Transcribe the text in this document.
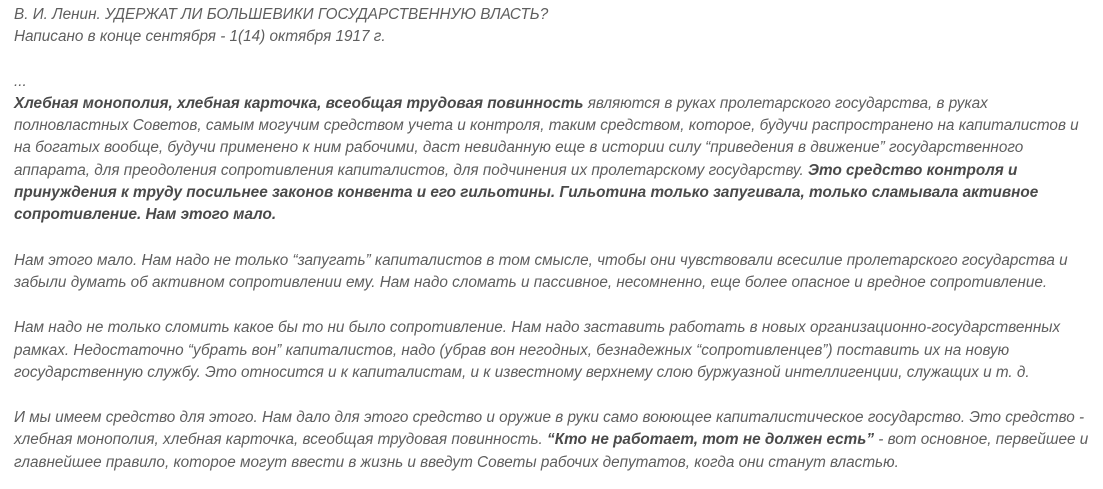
В. И. Ленин. УДЕРЖАТ ЛИ БОЛЬШЕВИКИ ГОСУДАРСТВЕННУЮ ВЛАСТЬ?

Написано в конце сентября - 1(14) октября 1917 г.

...

Хлебная монополия, хлебная карточка, всеобщая трудовая повинность являются в руках пролетарского государства, в руках полновластных Советов, самым могучим средством учета и контроля, таким средством, которое, будучи распространено на капиталистов и на богатых вообще, будучи применено к ним рабочими, даст невиданную еще в истории силу “приведения в движение” государственного аппарата, для преодоления сопротивления капиталистов, для подчинения их пролетарскому государству. Это средство контроля и принуждения к труду посильнее законов конвента и его гильотины. Гильотина только запугивала, только сламывала активное сопротивление. Нам этого мало.

Нам этого мало. Нам надо не только “запугать” капиталистов в том смысле, чтобы они чувствовали всесилие пролетарского государства и забыли думать об активном сопротивлении ему. Нам надо сломать и пассивное, несомненно, еще более опасное и вредное сопротивление.

Нам надо не только сломить какое бы то ни было сопротивление. Нам надо заставить работать в новых организационно-государственных рамках. Недостаточно “убрать вон” капиталистов, надо (убрав вон негодных, безнадежных “сопротивленцев”) поставить их на новую государственную службу. Это относится и к капиталистам, и к известному верхнему слою буржуазной интеллигенции, служащих и т. д.

И мы имеем средство для этого. Нам дало для этого средство и оружие в руки само воюющее капиталистическое государство. Это средство - хлебная монополия, хлебная карточка, всеобщая трудовая повинность. “Кто не работает, тот не должен есть” - вот основное, первейшее и главнейшее правило, которое могут ввести в жизнь и введут Советы рабочих депутатов, когда они станут властью.
